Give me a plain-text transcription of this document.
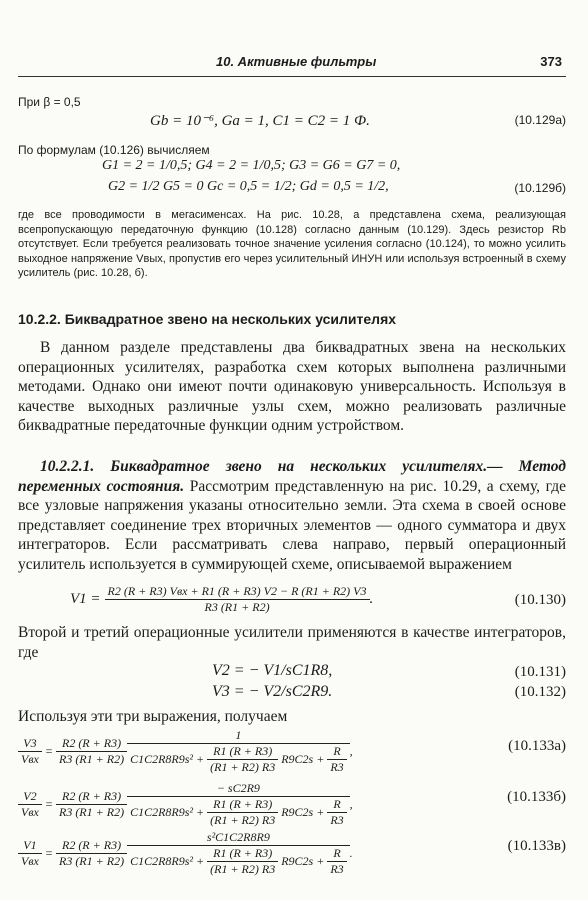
10. Активные фильтры	373
При β = 0,5
Gb = 10⁻⁶, Ga = 1, C1 = C2 = 1 Ф.	(10.129а)
По формулам (10.126) вычисляем
G1 = 2 = 1/0,5; G4 = 2 = 1/0,5; G3 = G6 = G7 = 0,
G2 = 1/2 G5 = 0 Gc = 0,5 = 1/2; Gd = 0,5 = 1/2,	(10.129б)
где все проводимости в мегасименсах. На рис. 10.28, а представлена схема, реализующая всепропускающую передаточную функцию (10.128) согласно данным (10.129). Здесь резистор Rb отсутствует. Если требуется реализовать точное значение усиления согласно (10.124), то можно усилить выходное напряжение Vвых, пропустив его через усилительный ИНУН или используя встроенный в схему усилитель (рис. 10.28, б).
10.2.2. Биквадратное звено на нескольких усилителях
В данном разделе представлены два биквадратных звена на нескольких операционных усилителях, разработка схем которых выполнена различными методами. Однако они имеют почти одинаковую универсальность. Используя в качестве выходных различные узлы схем, можно реализовать различные биквадратные передаточные функции одним устройством.
10.2.2.1. Биквадратное звено на нескольких усилителях.— Метод переменных состояния. Рассмотрим представленную на рис. 10.29, а схему, где все узловые напряжения указаны относительно земли. Эта схема в своей основе представляет соединение трех вторичных элементов — одного сумматора и двух интеграторов. Если рассматривать слева направо, первый операционный усилитель используется в суммирующей схеме, описываемой выражением
$V1 = \frac{\text{R2 (R + R3) Vвх + R1 (R + R3) V2 − R (R1 + R2) V3}}{R3 (R1 + R2)}$ .	(10.130)
Второй и третий операционные усилители применяются в качестве интеграторов, где
V2 = − V1/sC1R8,	(10.131)
V3 = − V2/sC2R9.	(10.132)
Используя эти три выражения, получаем
$\frac{V3}{\text{Vвх}} = \frac{R2 (R + R3)}{R3 (R1 + R2)}$
1
$C1C2R8R9s^2 + \frac{R1 (R + R3)}{(R1 + R2) R3} R9C2s + \frac{R}{R3}$ ,	(10.133а)
$\frac{V2}{\text{Vвх}} = \frac{R2 (R + R3)}{R3 (R1 + R2)}$
− sC2R9
$C1C2R8R9s^2 + \frac{R1 (R + R3)}{(R1 + R2) R3} R9C2s + \frac{R}{R3}$ ,	(10.133б)
$\frac{V1}{\text{Vвх}} = \frac{R2 (R + R3)}{R3 (R1 + R2)}$
s²C1C2R8R9
$C1C2R8R9s^2 + \frac{R1 (R + R3)}{(R1 + R2) R3} R9C2s + \frac{R}{R3}$ .	(10.133в)
